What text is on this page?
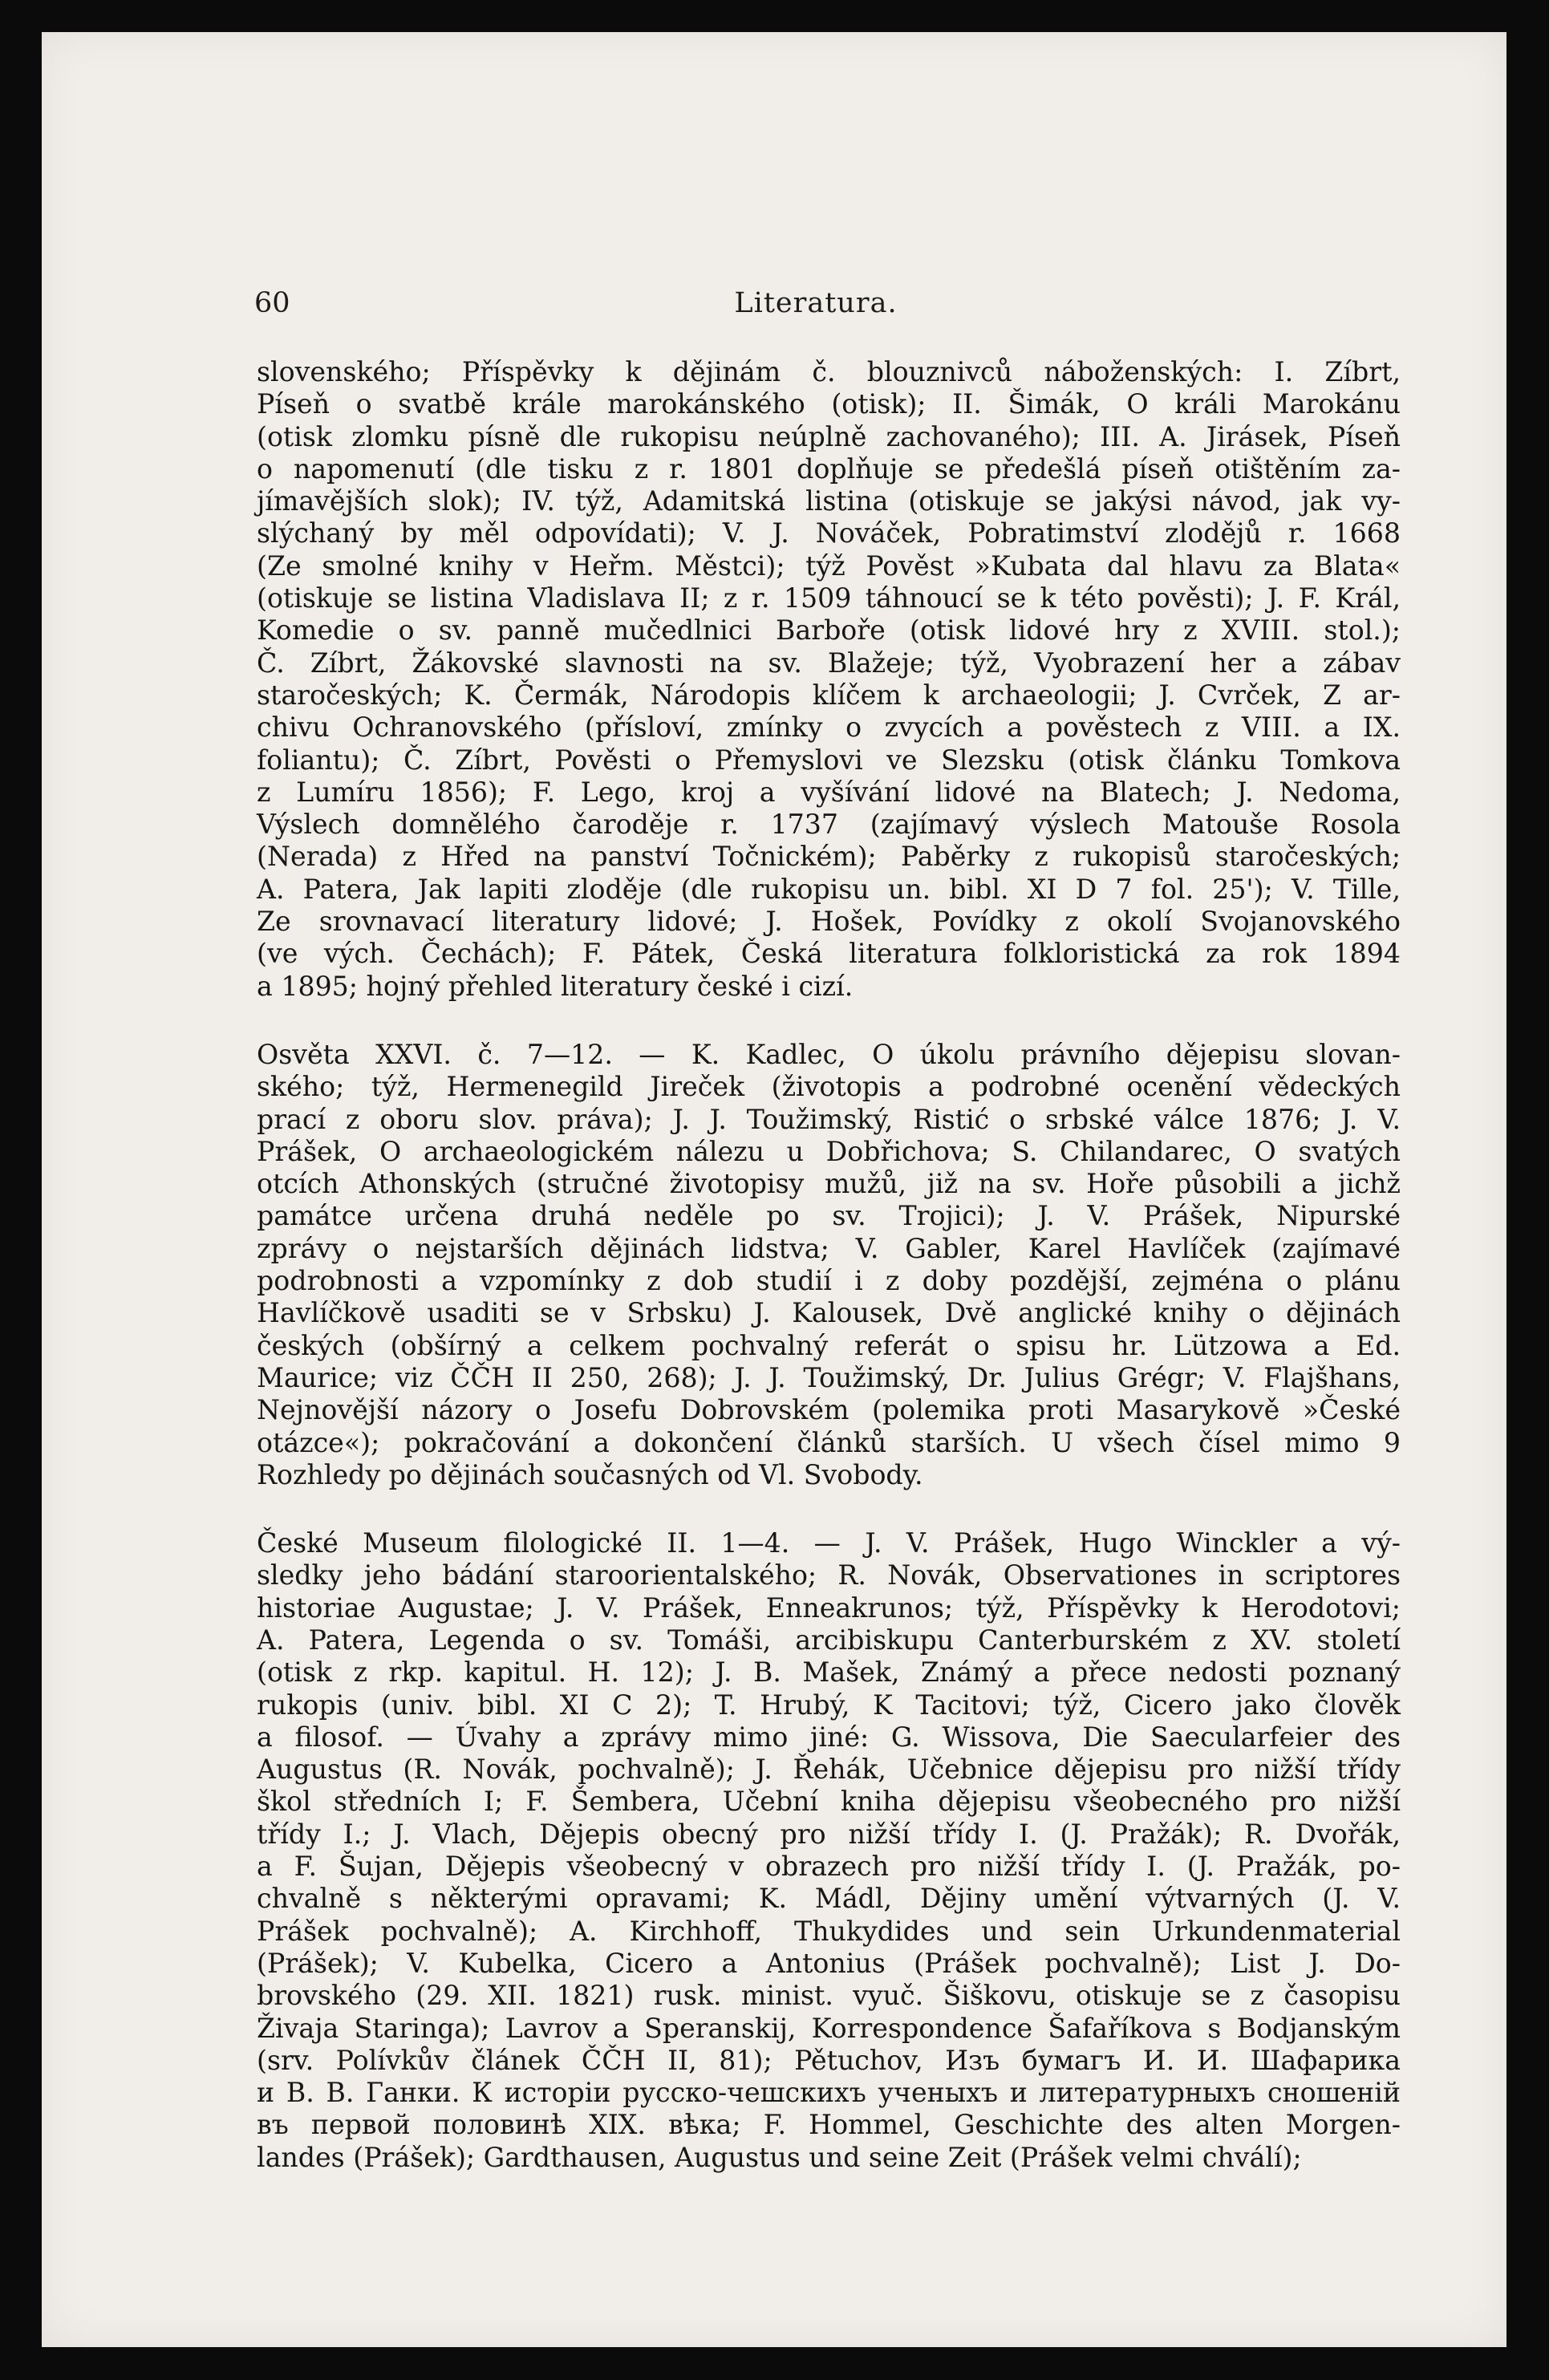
60	Literatura.
slovenského; Příspěvky k dějinám č. blouznivců náboženských: I. Zíbrt,
Píseň o svatbě krále marokánského (otisk); II. Šimák, O králi Marokánu
(otisk zlomku písně dle rukopisu neúplně zachovaného); III. A. Jirásek, Píseň
o napomenutí (dle tisku z r. 1801 doplňuje se předešlá píseň otištěním za-
jímavějších slok); IV. týž, Adamitská listina (otiskuje se jakýsi návod, jak vy-
slýchaný by měl odpovídati); V. J. Nováček, Pobratimství zlodějů r. 1668
(Ze smolné knihy v Heřm. Městci); týž Pověst »Kubata dal hlavu za Blata«
(otiskuje se listina Vladislava II; z r. 1509 táhnoucí se k této pověsti); J. F. Král,
Komedie o sv. panně mučedlnici Barboře (otisk lidové hry z XVIII. stol.);
Č. Zíbrt, Žákovské slavnosti na sv. Blažeje; týž, Vyobrazení her a zábav
staročeských; K. Čermák, Národopis klíčem k archaeologii; J. Cvrček, Z ar-
chivu Ochranovského (přísloví, zmínky o zvycích a pověstech z VIII. a IX.
foliantu); Č. Zíbrt, Pověsti o Přemyslovi ve Slezsku (otisk článku Tomkova
z Lumíru 1856); F. Lego, kroj a vyšívání lidové na Blatech; J. Nedoma,
Výslech domnělého čaroděje r. 1737 (zajímavý výslech Matouše Rosola
(Nerada) z Hřed na panství Točnickém); Paběrky z rukopisů staročeských;
A. Patera, Jak lapiti zloděje (dle rukopisu un. bibl. XI D 7 fol. 25'); V. Tille,
Ze srovnavací literatury lidové; J. Hošek, Povídky z okolí Svojanovského
(ve vých. Čechách); F. Pátek, Česká literatura folkloristická za rok 1894
a 1895; hojný přehled literatury české i cizí.
Osvěta XXVI. č. 7—12. — K. Kadlec, O úkolu právního dějepisu slovan-
ského; týž, Hermenegild Jireček (životopis a podrobné ocenění vědeckých
prací z oboru slov. práva); J. J. Toužimský, Ristić o srbské válce 1876; J. V.
Prášek, O archaeologickém nálezu u Dobřichova; S. Chilandarec, O svatých
otcích Athonských (stručné životopisy mužů, již na sv. Hoře působili a jichž
památce určena druhá neděle po sv. Trojici); J. V. Prášek, Nipurské
zprávy o nejstarších dějinách lidstva; V. Gabler, Karel Havlíček (zajímavé
podrobnosti a vzpomínky z dob studií i z doby pozdější, zejména o plánu
Havlíčkově usaditi se v Srbsku) J. Kalousek, Dvě anglické knihy o dějinách
českých (obšírný a celkem pochvalný referát o spisu hr. Lützowa a Ed.
Maurice; viz ČČH II 250, 268); J. J. Toužimský, Dr. Julius Grégr; V. Flajšhans,
Nejnovější názory o Josefu Dobrovském (polemika proti Masarykově »České
otázce«); pokračování a dokončení článků starších. U všech čísel mimo 9
Rozhledy po dějinách současných od Vl. Svobody.
České Museum filologické II. 1—4. — J. V. Prášek, Hugo Winckler a vý-
sledky jeho bádání staroorientalského; R. Novák, Observationes in scriptores
historiae Augustae; J. V. Prášek, Enneakrunos; týž, Příspěvky k Herodotovi;
A. Patera, Legenda o sv. Tomáši, arcibiskupu Canterburském z XV. století
(otisk z rkp. kapitul. H. 12); J. B. Mašek, Známý a přece nedosti poznaný
rukopis (univ. bibl. XI C 2); T. Hrubý, K Tacitovi; týž, Cicero jako člověk
a filosof. — Úvahy a zprávy mimo jiné: G. Wissova, Die Saecularfeier des
Augustus (R. Novák, pochvalně); J. Řehák, Učebnice dějepisu pro nižší třídy
škol středních I; F. Šembera, Učební kniha dějepisu všeobecného pro nižší
třídy I.; J. Vlach, Dějepis obecný pro nižší třídy I. (J. Pražák); R. Dvořák,
a F. Šujan, Dějepis všeobecný v obrazech pro nižší třídy I. (J. Pražák, po-
chvalně s některými opravami; K. Mádl, Dějiny umění výtvarných (J. V.
Prášek pochvalně); A. Kirchhoff, Thukydides und sein Urkundenmaterial
(Prášek); V. Kubelka, Cicero a Antonius (Prášek pochvalně); List J. Do-
brovského (29. XII. 1821) rusk. minist. vyuč. Šiškovu, otiskuje se z časopisu
Živaja Staringa); Lavrov a Speranskij, Korrespondence Šafaříkova s Bodjanským
(srv. Polívkův článek ČČH II, 81); Pětuchov, Изъ бумагъ И. И. Шафарика
и В. В. Ганки. К исторіи русско-чешскихъ ученыхъ и литературныхъ сношеній
въ первой половинѣ XIX. вѣка; F. Hommel, Geschichte des alten Morgen-
landes (Prášek); Gardthausen, Augustus und seine Zeit (Prášek velmi chválí);
